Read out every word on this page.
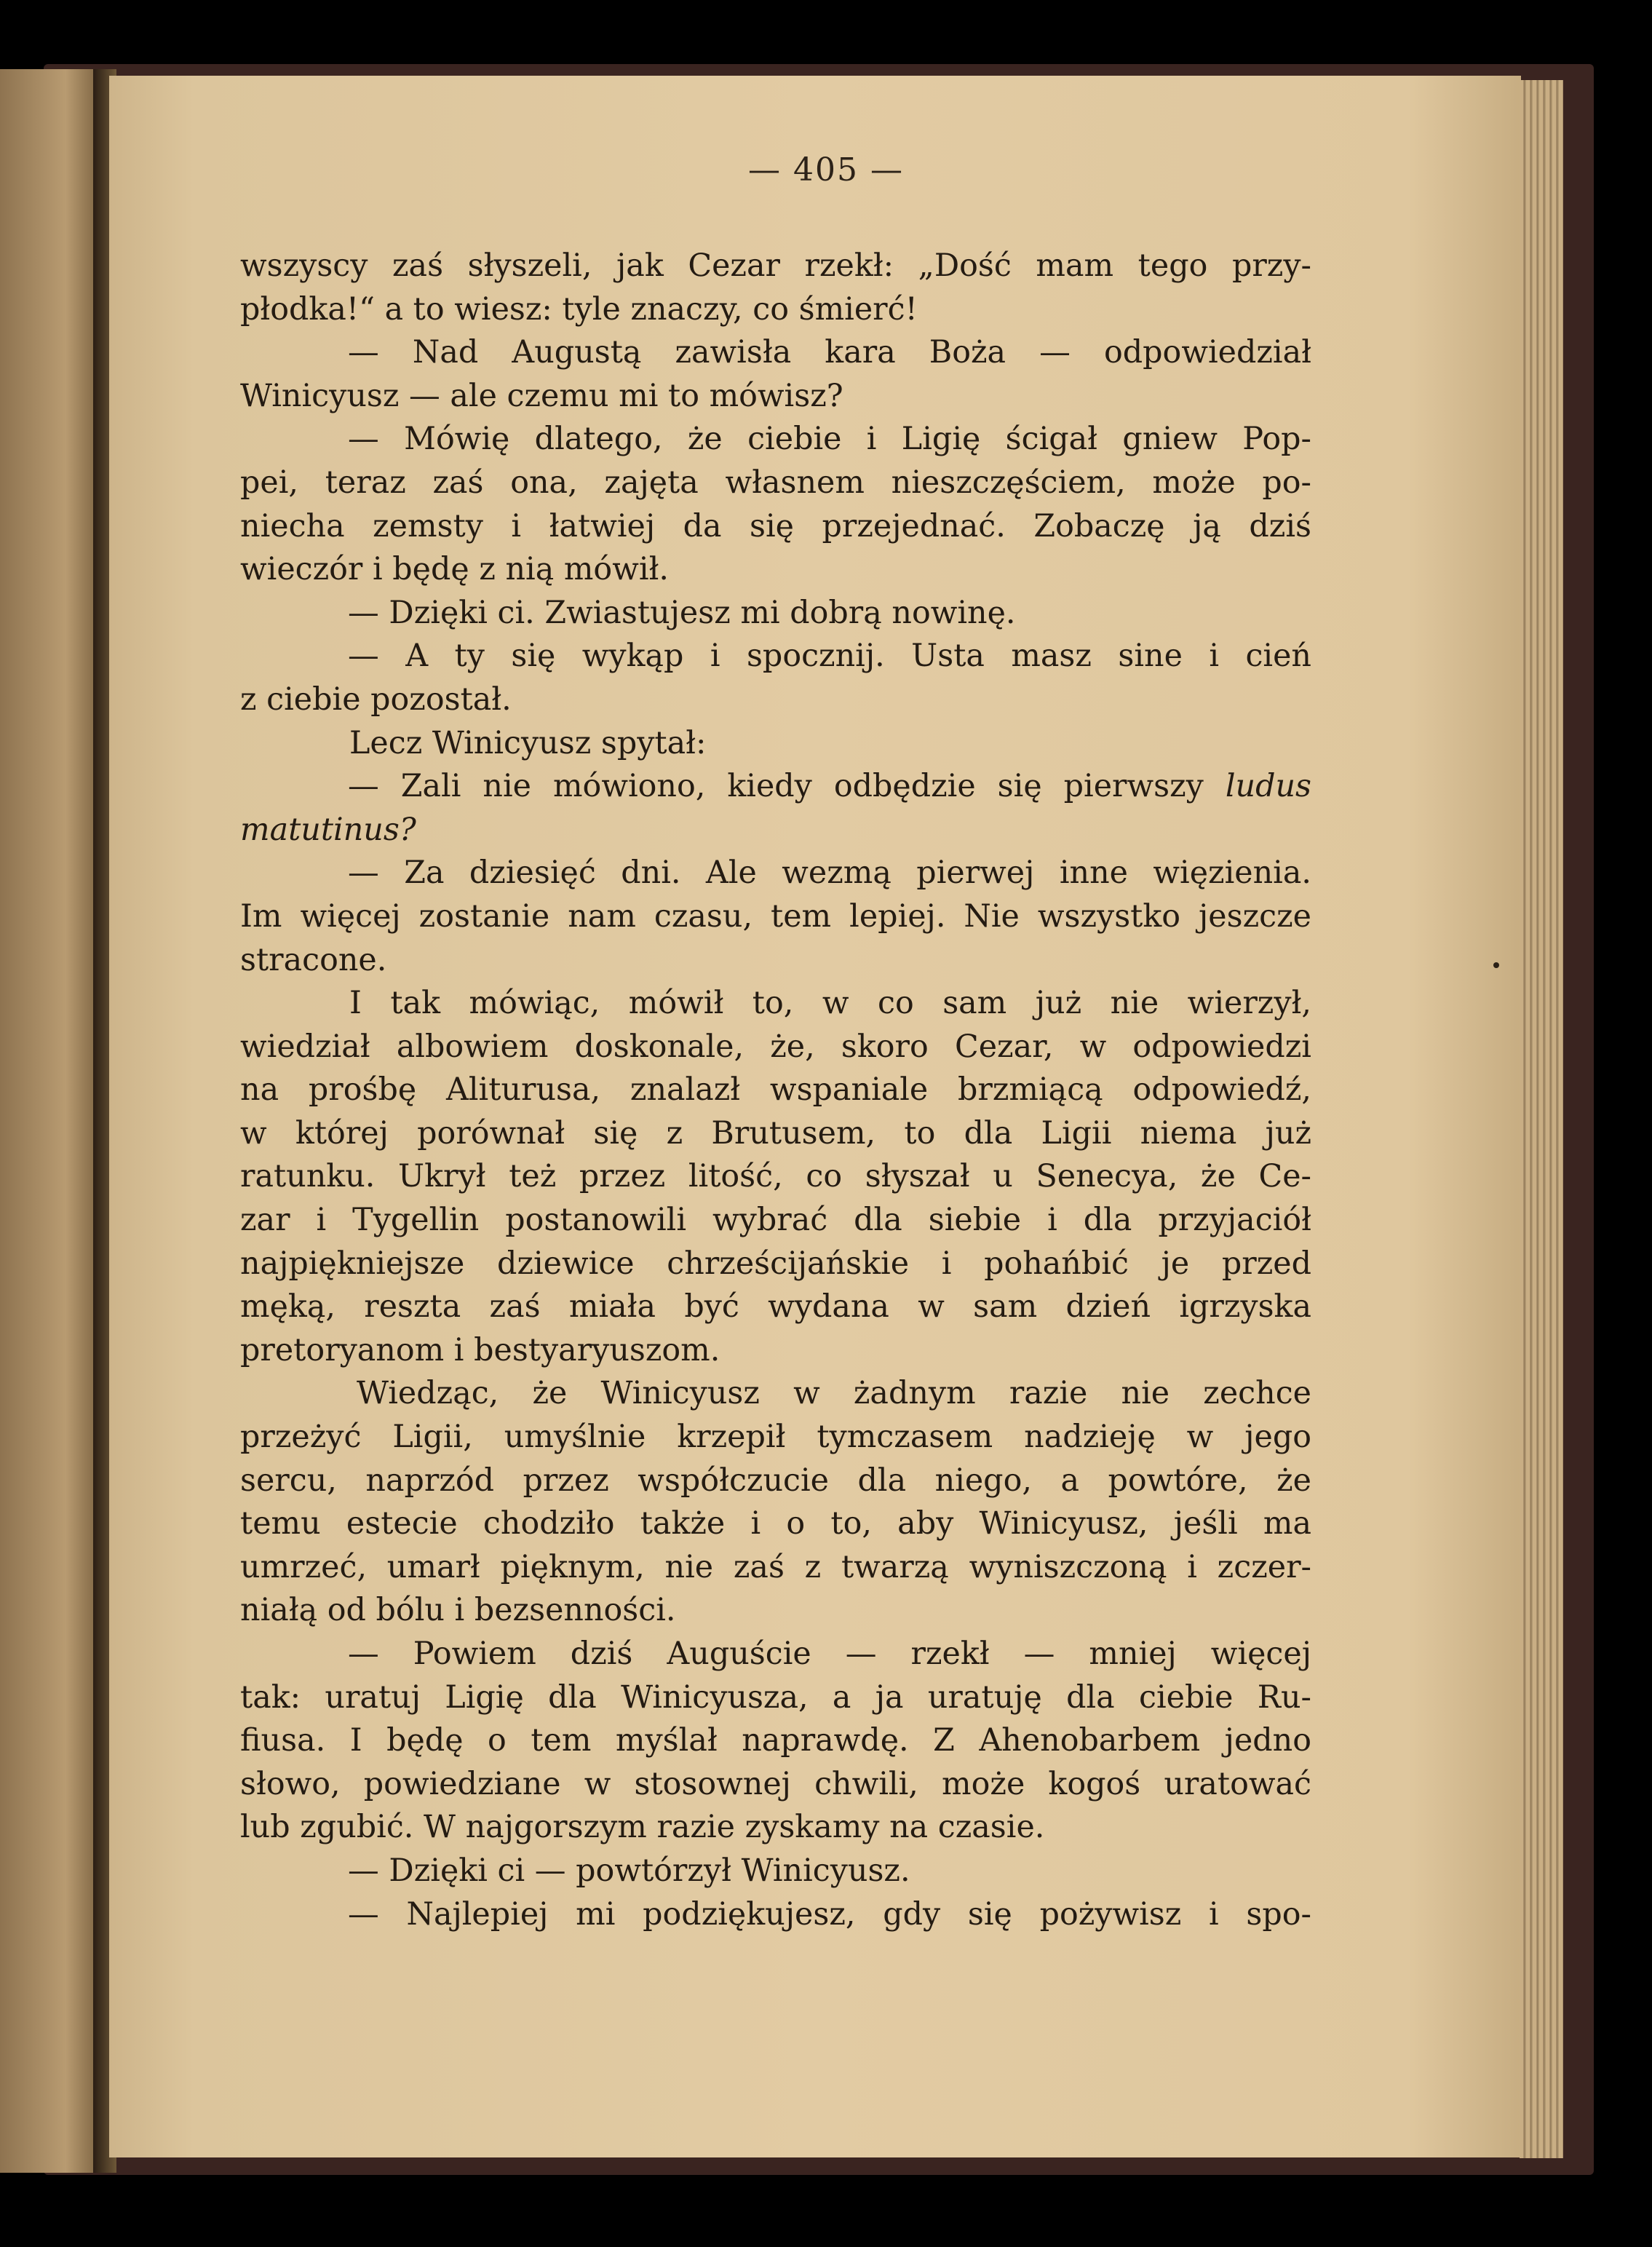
— 405 —
wszyscy zaś słyszeli, jak Cezar rzekł: „Dość mam tego przy-
płodka!“ a to wiesz: tyle znaczy, co śmierć!
— Nad Augustą zawisła kara Boża — odpowiedział
Winicyusz — ale czemu mi to mówisz?
— Mówię dlatego, że ciebie i Ligię ścigał gniew Pop-
pei, teraz zaś ona, zajęta własnem nieszczęściem, może po-
niecha zemsty i łatwiej da się przejednać. Zobaczę ją dziś
wieczór i będę z nią mówił.
— Dzięki ci. Zwiastujesz mi dobrą nowinę.
— A ty się wykąp i spocznij. Usta masz sine i cień
z ciebie pozostał.
Lecz Winicyusz spytał:
— Zali nie mówiono, kiedy odbędzie się pierwszy ludus
matutinus?
— Za dziesięć dni. Ale wezmą pierwej inne więzienia.
Im więcej zostanie nam czasu, tem lepiej. Nie wszystko jeszcze
stracone.
I tak mówiąc, mówił to, w co sam już nie wierzył,
wiedział albowiem doskonale, że, skoro Cezar, w odpowiedzi
na prośbę Aliturusa, znalazł wspaniale brzmiącą odpowiedź,
w której porównał się z Brutusem, to dla Ligii niema już
ratunku. Ukrył też przez litość, co słyszał u Senecya, że Ce-
zar i Tygellin postanowili wybrać dla siebie i dla przyjaciół
najpiękniejsze dziewice chrześcijańskie i pohańbić je przed
męką, reszta zaś miała być wydana w sam dzień igrzyska
pretoryanom i bestyaryuszom.
Wiedząc, że Winicyusz w żadnym razie nie zechce
przeżyć Ligii, umyślnie krzepił tymczasem nadzieję w jego
sercu, naprzód przez współczucie dla niego, a powtóre, że
temu estecie chodziło także i o to, aby Winicyusz, jeśli ma
umrzeć, umarł pięknym, nie zaś z twarzą wyniszczoną i zczer-
niałą od bólu i bezsenności.
— Powiem dziś Auguście — rzekł — mniej więcej
tak: uratuj Ligię dla Winicyusza, a ja uratuję dla ciebie Ru-
fiusa. I będę o tem myślał naprawdę. Z Ahenobarbem jedno
słowo, powiedziane w stosownej chwili, może kogoś uratować
lub zgubić. W najgorszym razie zyskamy na czasie.
— Dzięki ci — powtórzył Winicyusz.
— Najlepiej mi podziękujesz, gdy się pożywisz i spo-
